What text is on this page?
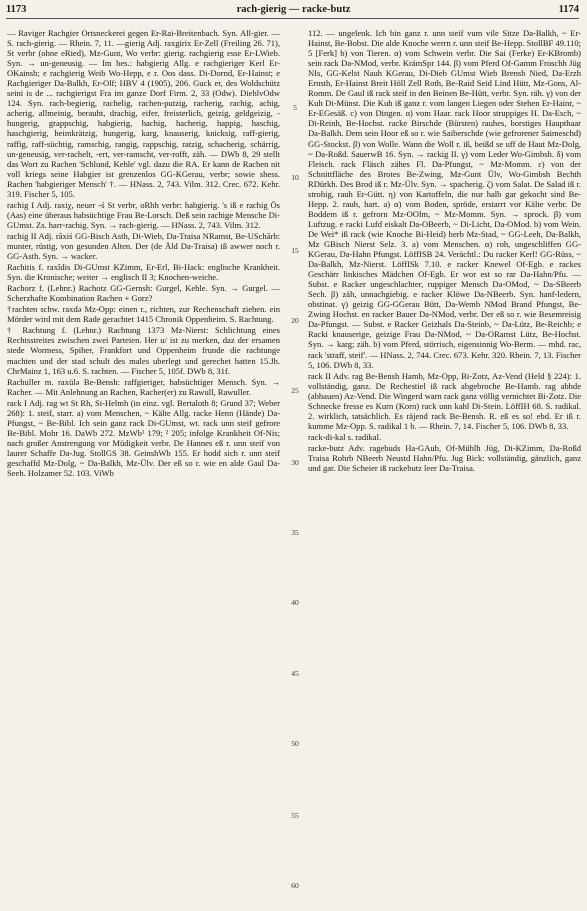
1173	rach-gierig — racke-butz	1174

— Raviger Rachgier Ortsneckerei gegen Er-Rai-Breitenbach. Syn. All-gier. — S. rach-gierig. — Rhein. 7, 11. —gierig Adj. raxgirix Er-Zell (Freiling 26. 71), St verbr (ohne eRied), Mz-Gunt, Wo verbr: gierig. rachgierig esse Er-LWieb. Syn. → un-geneusig. — Im bes.: habgierig Allg. e rachgieriger Kerl Er-OKainsb; e rachgierig Weib Wo-Hepp, e r. Oos dass. Di-Dornd, Er-Hainst; e Rachgieriger Da-Balkh, Er-Olf; HBV 4 (1905), 206. Guck er, des Woldschütz seini is de ... rachgierigst Fra im ganze Dorf Firm. 2, 33 (Odw). DiehlvOdw 124. Syn. rach-begierig, rachelig, rachen-putzig, racherig, rachig, achig, acherig, allmeinig, berauht, drachig, eifer, freisterlich, geizig, geldgeizig, -hungerig, grappschig, habgierig, hachig, hacherig, happig, haschig, haschgierig, heimkrätzig, hungerig, karg, knauserig, knicksig, raff-gierig, raffig, raff-süchtig, ramschig, rangig, rappschig, ratzig, schacherig, schärrig, un-geneusig, ver-rachelt, -ert, ver-ramscht, ver-rofft, zäh. — DWb 8, 29 stellt das Wort zu Rachen 'Schlund, Kehle' vgl. dazu die RA. Er kann de Rachen nit voll kriegs seine Habgier ist grenzenlos GG-KGerau, verbr; sowie shess. Rachen 'habgieriger Mensch' †. — HNass. 2, 743. Vilm. 312. Crec. 672. Kehr. 319. Fischer 5, 105.

rachig I Adj. raxiχ, neuer -ś St verbr, oRhh verbr: habgierig. 's iß e rachig Ös (Aas) eine überaus habsüchtige Frau Be-Lorsch. Deß sein rachige Mensche Di-GUmst. Zs. harr-rachig. Syn. → rach-gierig. — HNass. 2, 743. Vilm. 312.

rachig II Adj. răxiś GG-Bisch Asth, Di-Wieb, Da-Traisa NRamst, Be-USchārb: munter, rüstig, von gesunden Alten. Der (de Åld Da-Traisa) iß awwer noch r. GG-Asth. Syn. → wacker.

Rachitis f. raxîdis Di-GUmst KZimm, Er-Erl, Bi-Hack: englische Krankheit. Syn. die Kronische; weiter → englisch II 3; Knochen-weiche.

Rachorz f. (Lehnr.) Rachotz GG-Gernsh: Gurgel, Kehle. Syn. → Gurgel. — Scherzhafte Kombination Rachen + Gorz?

†rachten schw. raxdə Mz-Opp: einen r., richten, zur Rechenschaft ziehen. ein Mörder wird mit dem Rade gerachtet 1415 Chronik Oppenheim. S. Rachtung.

† Rachtung f. (Lehnr.) Rachtung 1373 Mz-Nierst: Schlichtung eines Rechtsstreites zwischen zwei Parteien. Her u/ ist zu merken, daz der ersamen stede Wormess, Spiher, Frankfort und Oppenheim frunde die rachtunge machten und der stad schult des males uberlegt und gerechet hatten 15.Jh. ChrMainz 1, 163 u.6. S. rachten. — Fischer 5, 105f. DWb 8, 31f.

Rachuller m. raxülə Be-Bensh: raffgieriger, habsüchtiger Mensch. Syn. → Racher. — Mit Anlehnung an Rachen, Racher(er) zu Rawull, Rawuller.

rack I Adj. rag wt St Rh, Si-Helmh (in einz. vgl. Bertaloth 8; Grund 37; Weber 268): 1. steif, starr. a) vom Menschen, ~ Kälte Allg. racke Henn (Hände) Da-Pfungst, ~ Be-Bibl. Ich sein ganz rack Di-GUmst, wt. rack unn steif gefrore Be-Bibl. Mohr 16. DaWb 272. MzWb¹ 179; ² 205; infolge Krankheit Of-Nis; nach großer Anstrengung vor Müdigkeit verbr. De Hannes eß r. unn steif von laurer Schaffe Da-Jug. StollGS 38. GeinshWb 155. Er hodd sich r. unn steif geschaffd Mz-Dolg, ~ Da-Balkh, Mz-Ülv. Der eß so r. wie en alde Gaul Da-Seeh. Holzamer 52. 103. ViWb

5
10
15
20
25
30
35
40
45
50
55
60

112. — ungelenk. Ich bin ganz r. unn steif vum vile Sitze Da-Balkh, ~ Er-Hainst, Be-Bobst. Die alde Knoche werrn r. unn steif Be-Hepp. StollBF 49.110; 5 [Ferk] b) von Tieren. α) vom Schwein verbr. Die Sai (Ferke) Er-KBromb) sein rack Da-NMod, verbr. KrämSpr 144. β) vom Pferd Of-Gamm Froschh Jüg NIs, GG-Kelst Nauh KGerau, Di-Dieb GUmst Wieb Brensb Nied, Da-Erzh Ernsth, Er-Hainst Breit Höll Zell Roth, Be-Raid Seid Lind Hütt, Mz-Gons, Al-Romm. De Gaul iß rack steif in den Beinen Be-Hütt, verbr. Syn. räh. γ) von der Kuh Di-Münst. Die Kuh iß ganz r. vom langen Liegen oder Stehen Er-Hainr, ~ Er-EGesäß. c) von Dingen. α) vom Haar. rack Hoor struppiges H. Da-Esch, ~ Di-Reinh, Be-Hochst. racke Birschde (Bürsten) rauhes, borstiges Haupthaar Da-Balkh. Dem sein Hoor eß so r. wie Saiberschde (wie gefrorener Saimeschd) GG-Stockst. β) von Wolle. Wann die Woll r. iß, beißd se uff de Haut Mz-Dolg, ~ Da-Roßd. SauerwB 16. Syn. → rackig II. γ) vom Leder Wo-Gimbsh. δ) vom Fleisch. rack Fläsch zähes Fl. Da-Pfungst, ~ Mz-Momm. ε) von der Schnittfläche des Brotes Be-Zwing, Mz-Gunt Ülv, Wo-Gimbsh Bechth RDürkh. Des Brod iß r. Mz-Ülv. Syn. → spacherig. ζ) vom Salat. De Salad iß r. strohig, rauh Er-Gütt. η) von Kartoffeln, die nur halb gar gekocht sind Be-Hepp. 2. rauh, hart. a) α) vom Boden, spröde, erstarrt vor Kälte verbr. De Boddem iß r. gefrorn Mz-OOlm, ~ Mz-Momm. Syn. → sprock. β) vom Luftzug. e racki Lufd eiskalt Da-OBeerb, ~ Di-Licht, Da-OMod. b) vom Wein. De Wei* iß rack (wie Knoche Bi-Heid) herb Mz-Stad, ~ GG-Leeh, Da-Balkh, Mz GBisch Nierst Selz. 3. a) vom Menschen. α) roh, ungeschliffen GG-KGerau, Da-Hahn Pfungst. LöffISB 24. Verächtl.: Du racker Kerl! GG-Rüss, ~ Da-Balkh, Mz-Nierst. LöffISk 7.10. e racker Knewel Of-Egb. e rackes Geschärr linkisches Mädchen Of-Egb. Er wor est so rar Da-Hahn/Pfu. — Subst. e Racker ungeschlachter, ruppiger Mensch Da-OMod, ~ Da-SBeerb Sech. β) zäh, unnachgiebig. e racker Klöwe Da-NBeerb. Syn. hanf-ledern, obstinat. γ) geizig GG-GGerau Bütt, Da-Wemb NMod Brand Pfungst, Be-Zwing Hochst. en racker Bauer Da-NMod, verbr. Der eß so r. wie Besemreisig Da-Pfungst. — Subst. e Racker Geizhals Da-Steinb, ~ Da-Lütz, Be-Reichb; e Racki knauserige, geizige Frau Da-NMod, ~ Da-ORamst Lütz, Be-Hochst. Syn. → karg; zäh. b) vom Pferd, störrisch, eigensinnig Wo-Berm. — mhd. rac, rack 'straff, steif'. — HNass. 2, 744. Crec. 673. Kehr. 320. Rhein. 7, 13. Fischer 5, 106. DWb 8, 33.

rack II Adv. rag Be-Bensh Hamb, Mz-Opp, Bi-Zotz, Az-Vend (Held § 224): 1. vollständig, ganz. De Rechestiel iß rack abgebroche Be-Hamb. rag abhde (abhauen) Az-Vend. Die Wingerd warn rack ganz völlig vernichtet Bi-Zotz. Die Schnecke fresse es Kurn (Korn) rack unn kahl Di-Stein. LöffIH 68. S. radikal. 2. wirklich, tatsächlich. Es räjend rack Be-Bensh. R. eß es so! ebd. Er iß r. kumme Mz-Opp. S. radikal 1 b. — Rhein. 7, 14. Fischer 5, 106. DWb 8, 33.

rack-di-kal s. radikal.

racke-butz Adv. ragebuds Ha-GAub, Of-Mühlh Jüg, Di-KZimm, Da-Roßd Traisa Rohrb NBeerb Neustd Hahn/Pfu. Jug Bick: vollständig, gänzlich, ganz und gar. Die Scheier iß rackebutz leer Da-Traisa.
